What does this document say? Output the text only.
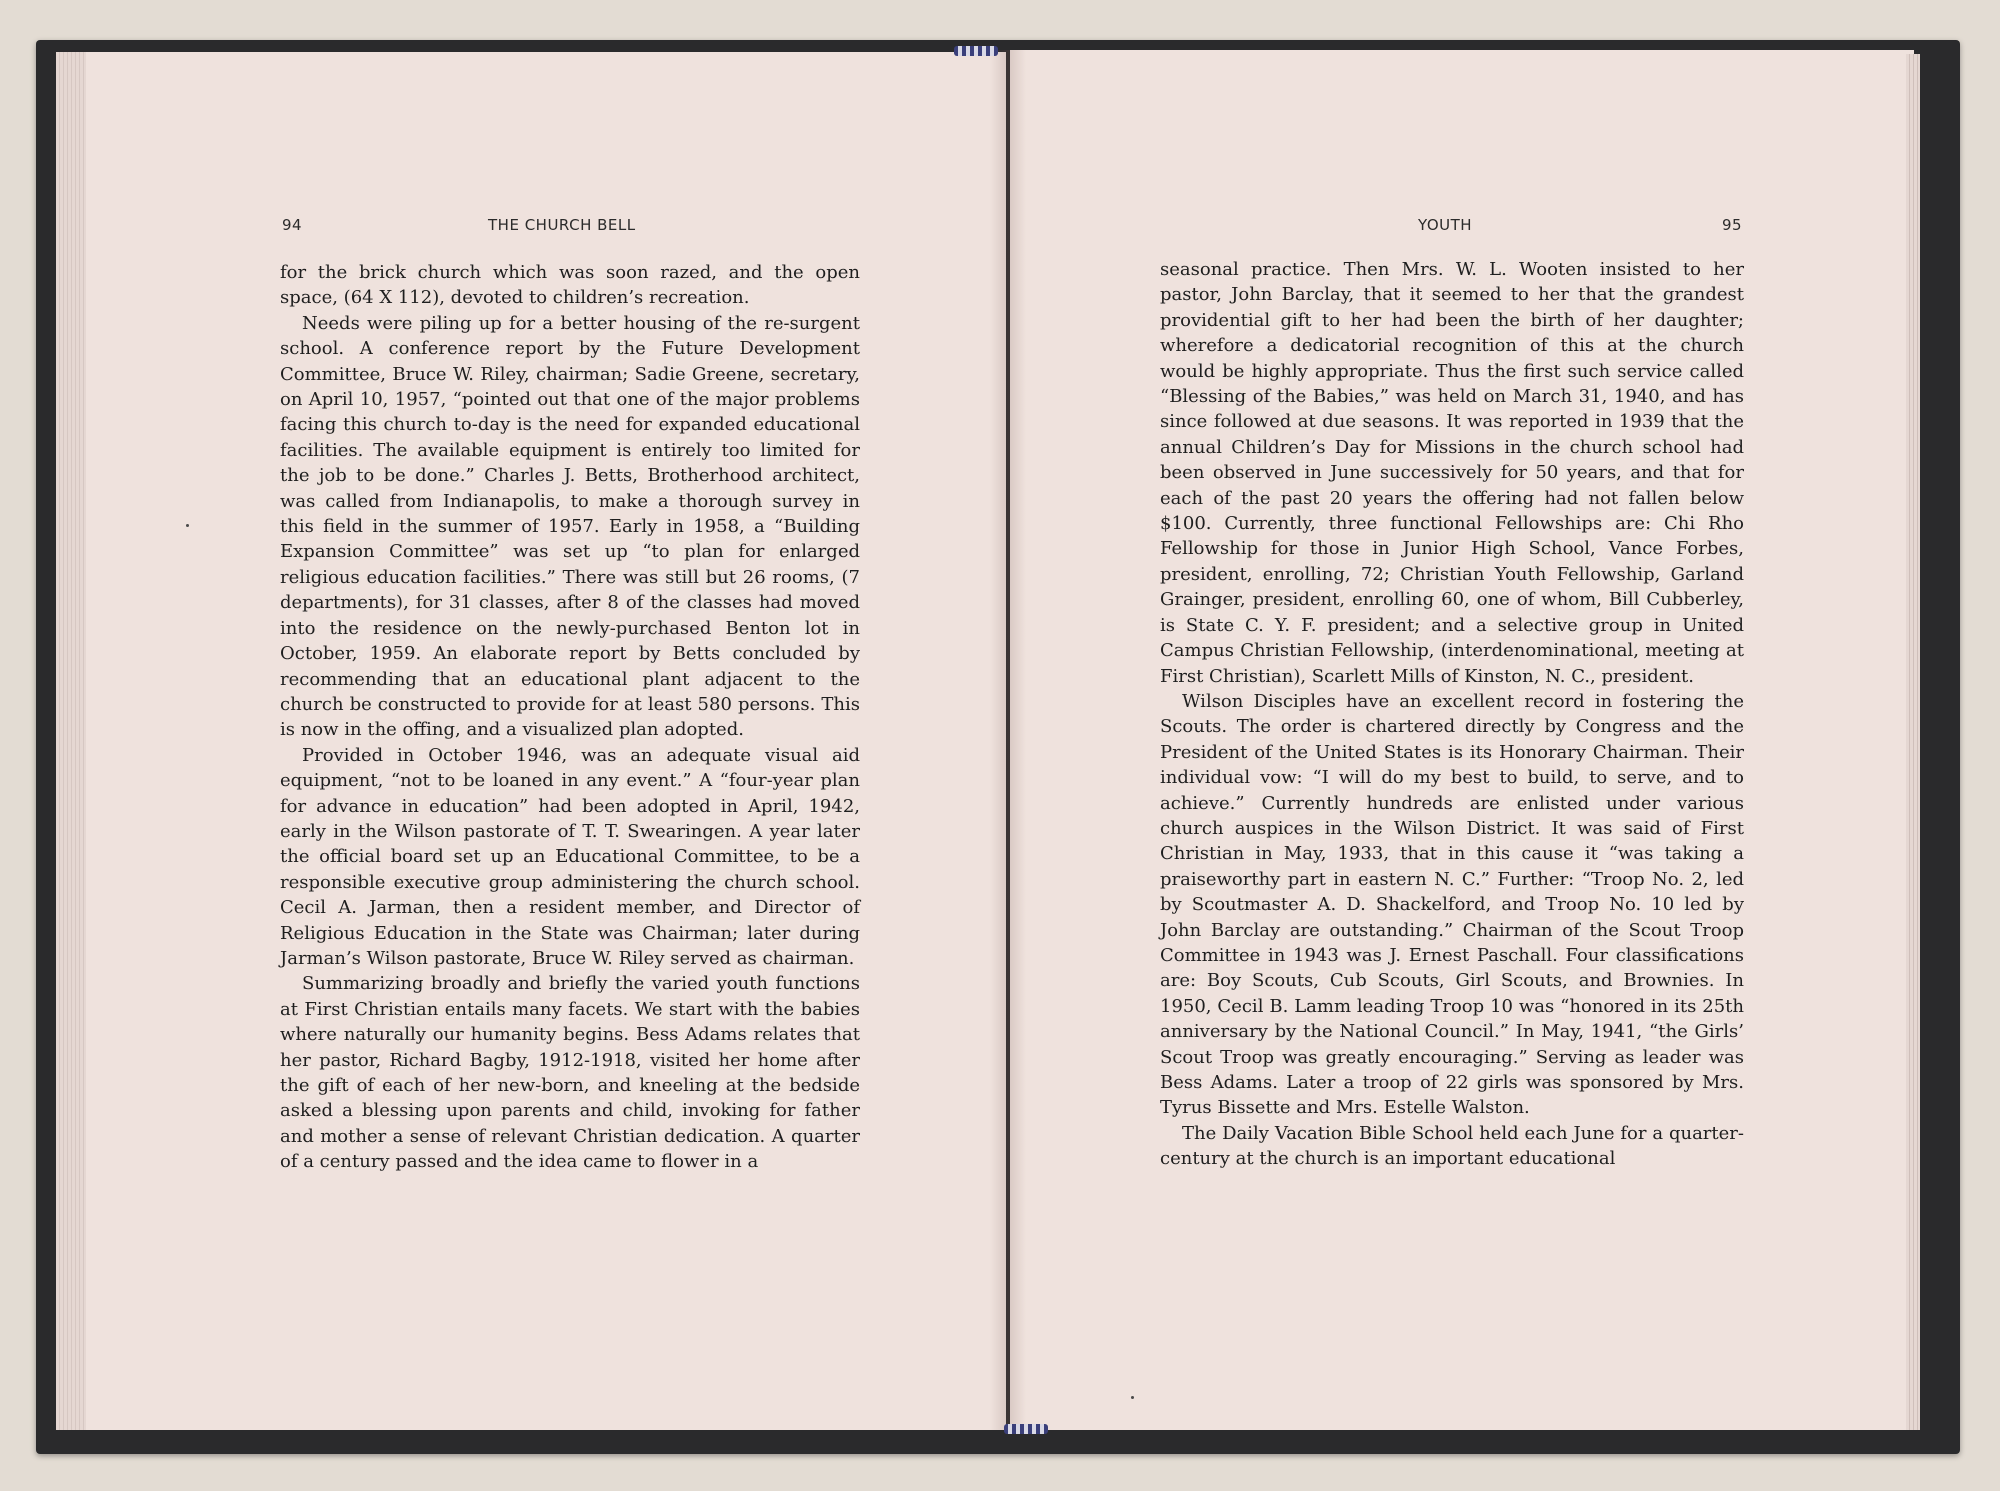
94	THE CHURCH BELL	YOUTH	95

for the brick church which was soon razed, and the open space, (64 X 112), devoted to children’s recreation.

Needs were piling up for a better housing of the re-surgent school. A conference report by the Future Development Committee, Bruce W. Riley, chairman; Sadie Greene, secretary, on April 10, 1957, “pointed out that one of the major problems facing this church to-day is the need for expanded educational facilities. The available equipment is entirely too limited for the job to be done.” Charles J. Betts, Brotherhood architect, was called from Indianapolis, to make a thorough survey in this field in the summer of 1957. Early in 1958, a “Building Expansion Committee” was set up “to plan for enlarged religious education facilities.” There was still but 26 rooms, (7 departments), for 31 classes, after 8 of the classes had moved into the residence on the newly-purchased Benton lot in October, 1959. An elaborate report by Betts concluded by recommending that an educational plant adjacent to the church be constructed to provide for at least 580 persons. This is now in the offing, and a visualized plan adopted.

Provided in October 1946, was an adequate visual aid equipment, “not to be loaned in any event.” A “four-year plan for advance in education” had been adopted in April, 1942, early in the Wilson pastorate of T. T. Swearingen. A year later the official board set up an Educational Committee, to be a responsible executive group administering the church school. Cecil A. Jarman, then a resident member, and Director of Religious Education in the State was Chairman; later during Jarman’s Wilson pastorate, Bruce W. Riley served as chairman.

Summarizing broadly and briefly the varied youth functions at First Christian entails many facets. We start with the babies where naturally our humanity begins. Bess Adams relates that her pastor, Richard Bagby, 1912-1918, visited her home after the gift of each of her new-born, and kneeling at the bedside asked a blessing upon parents and child, invoking for father and mother a sense of relevant Christian dedication. A quarter of a century passed and the idea came to flower in a

seasonal practice. Then Mrs. W. L. Wooten insisted to her pastor, John Barclay, that it seemed to her that the grandest providential gift to her had been the birth of her daughter; wherefore a dedicatorial recognition of this at the church would be highly appropriate. Thus the first such service called “Blessing of the Babies,” was held on March 31, 1940, and has since followed at due seasons. It was reported in 1939 that the annual Children’s Day for Missions in the church school had been observed in June successively for 50 years, and that for each of the past 20 years the offering had not fallen below $100. Currently, three functional Fellowships are: Chi Rho Fellowship for those in Junior High School, Vance Forbes, president, enrolling, 72; Christian Youth Fellowship, Garland Grainger, president, enrolling 60, one of whom, Bill Cubberley, is State C. Y. F. president; and a selective group in United Campus Christian Fellowship, (interdenominational, meeting at First Christian), Scarlett Mills of Kinston, N. C., president.

Wilson Disciples have an excellent record in fostering the Scouts. The order is chartered directly by Congress and the President of the United States is its Honorary Chairman. Their individual vow: “I will do my best to build, to serve, and to achieve.” Currently hundreds are enlisted under various church auspices in the Wilson District. It was said of First Christian in May, 1933, that in this cause it “was taking a praiseworthy part in eastern N. C.” Further: “Troop No. 2, led by Scoutmaster A. D. Shackelford, and Troop No. 10 led by John Barclay are outstanding.” Chairman of the Scout Troop Committee in 1943 was J. Ernest Paschall. Four classifications are: Boy Scouts, Cub Scouts, Girl Scouts, and Brownies. In 1950, Cecil B. Lamm leading Troop 10 was “honored in its 25th anniversary by the National Council.” In May, 1941, “the Girls’ Scout Troop was greatly encouraging.” Serving as leader was Bess Adams. Later a troop of 22 girls was sponsored by Mrs. Tyrus Bissette and Mrs. Estelle Walston.

The Daily Vacation Bible School held each June for a quarter-century at the church is an important educational
